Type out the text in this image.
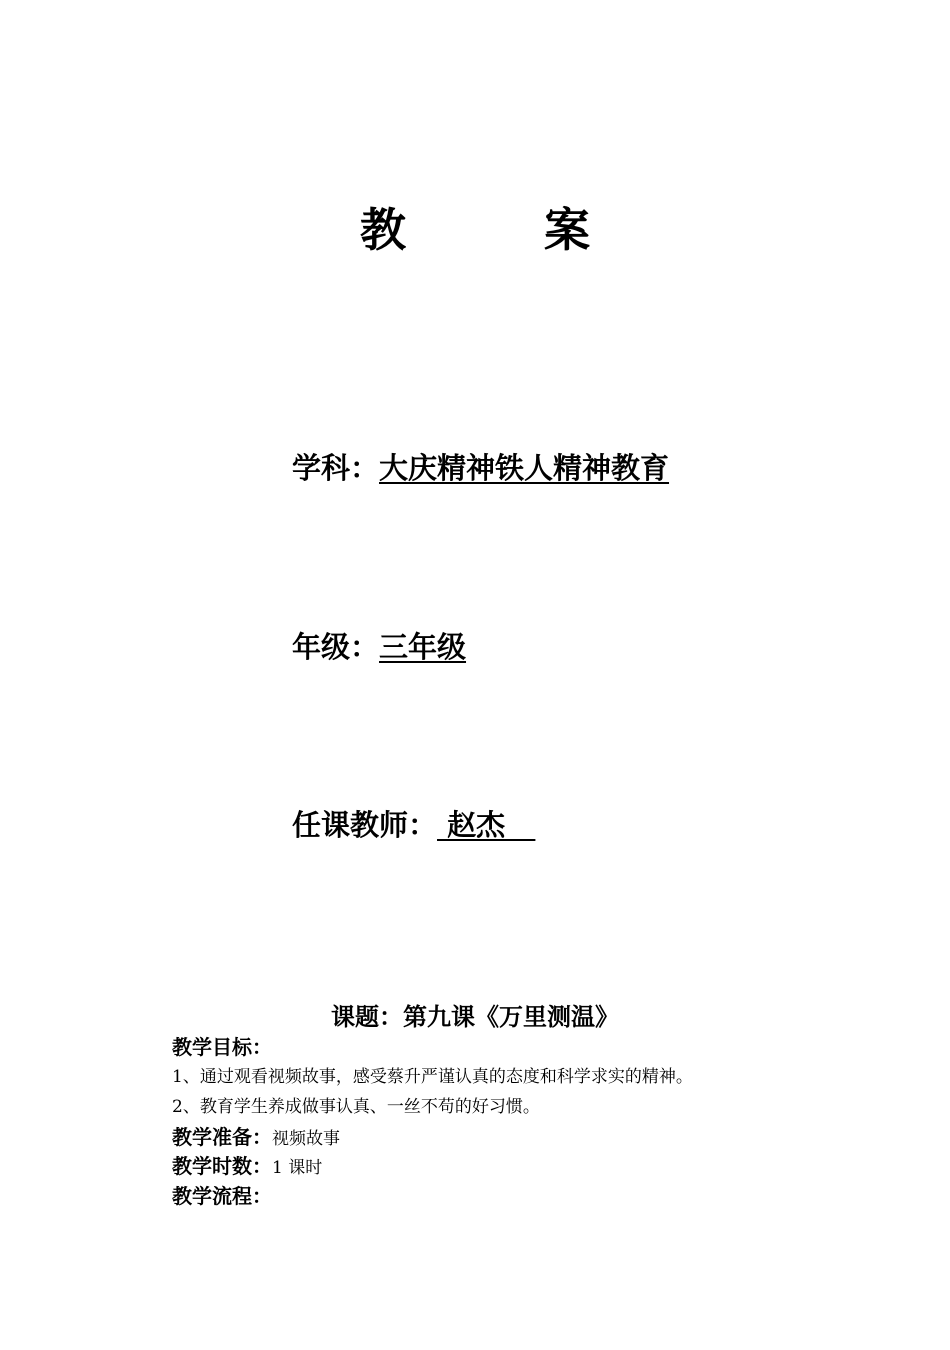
教　　　案
学科：大庆精神铁人精神教育
年级：三年级
任课教师： 赵杰
课题：第九课《万里测温》
教学目标：
1、通过观看视频故事，感受蔡升严谨认真的态度和科学求实的精神。
2、教育学生养成做事认真、一丝不苟的好习惯。
教学准备：视频故事
教学时数：1 课时
教学流程：
